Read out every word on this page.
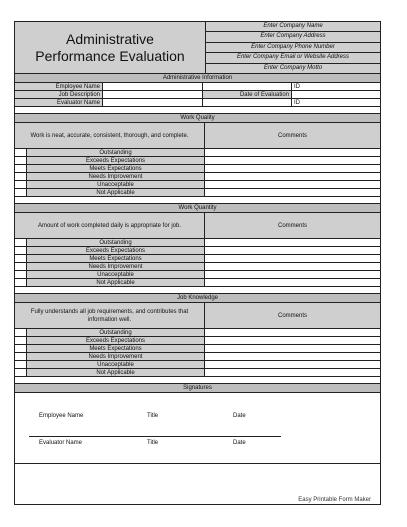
Administrative
Performance Evaluation
Enter Company Name
Enter Company Address
Enter Company Phone Number
Enter Company Email or Website Address
Enter Company Motto
Administrative Information
Employee Name	ID
Job Description	Date of Evaluation
Evaluator Name	ID
Work Quality
Work is neat, accurate, consistent, thorough, and complete.	Comments
Outstanding
Exceeds Expectations
Meets Expectations
Needs Improvement
Unacceptable
Not Applicable
Work Quantity
Amount of work completed daily is appropriate for job.	Comments
Outstanding
Exceeds Expectations
Meets Expectations
Needs Improvement
Unacceptable
Not Applicable
Job Knowledge
Fully understands all job requirements, and contributes that information well.
Comments
Outstanding
Exceeds Expectations
Meets Expectations
Needs Improvement
Unacceptable
Not Applicable
Signatures
Employee Name	Title	Date
Evaluator Name	Title	Date
Easy Printable Form Maker
